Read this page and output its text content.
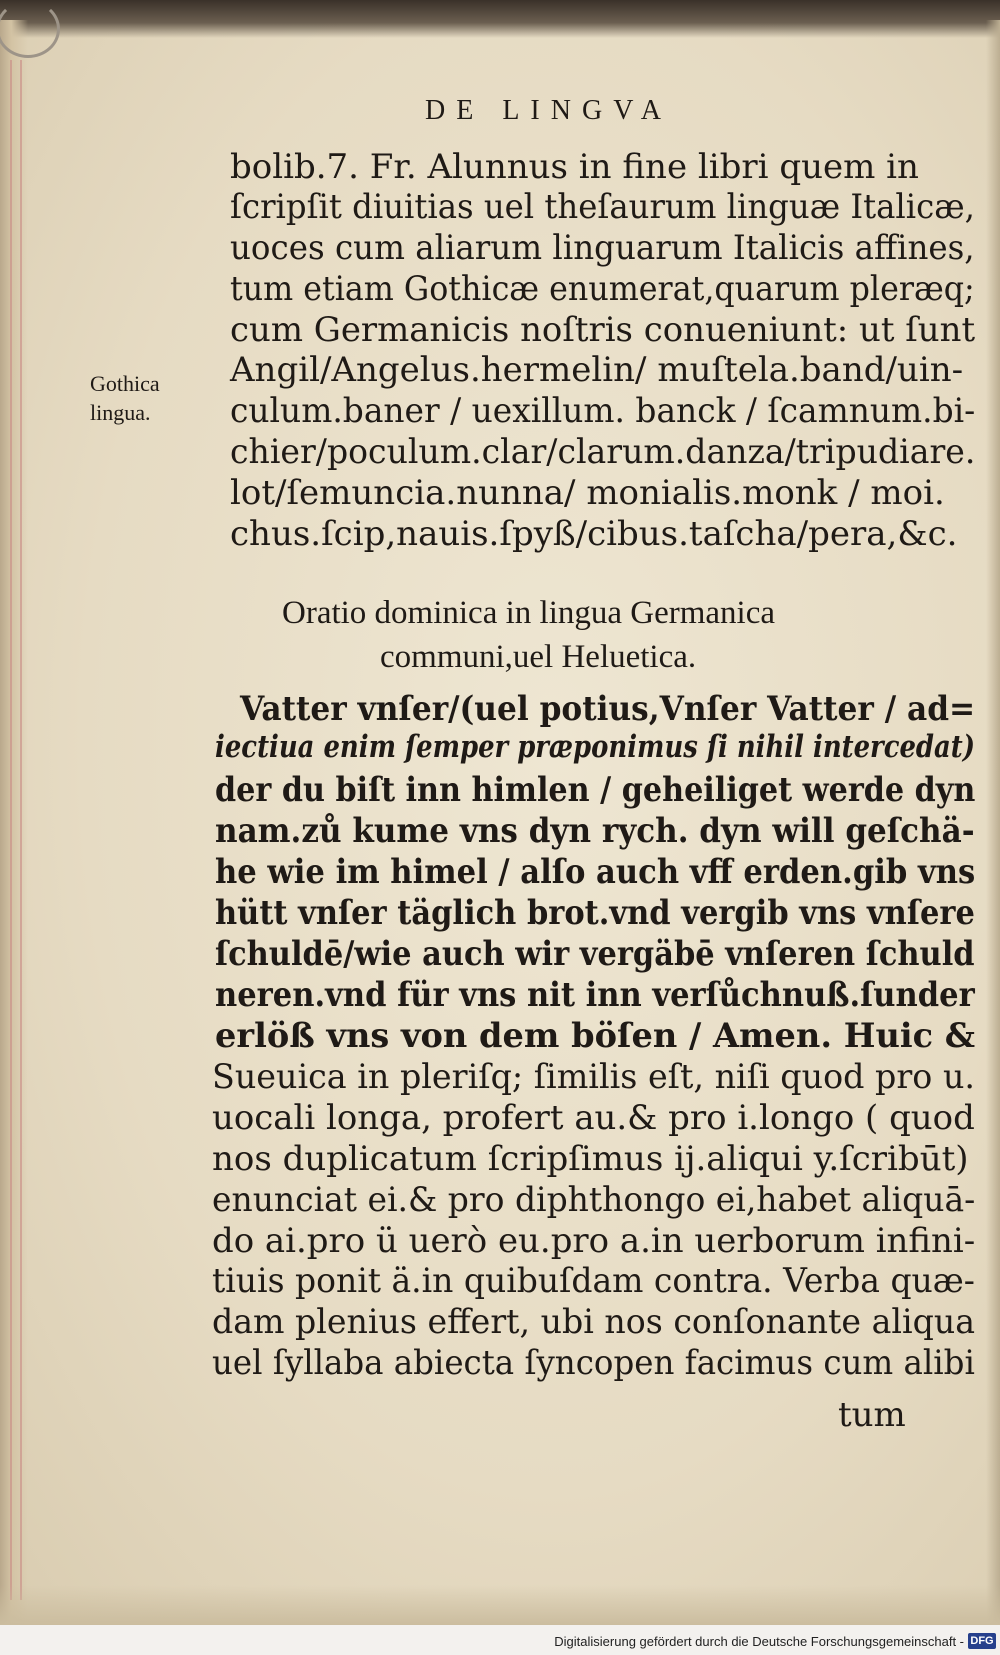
DE LINGVA
Gothica
lingua.
bolib.7. Fr. Alunnus in fine libri quem in
ſcripſit diuitias uel theſaurum linguæ Italicæ,
uoces cum aliarum linguarum Italicis affines,
tum etiam Gothicæ enumerat,quarum pleræq;
cum Germanicis noſtris conueniunt: ut ſunt
Angil/Angelus.hermelin/ muſtela.band/uin-
culum.baner / uexillum. banck / ſcamnum.bi-
chier/poculum.clar/clarum.danza/tripudiare.
lot/ſemuncia.nunna/ monialis.monk / moi.
chus.ſcip,nauis.ſpyß/cibus.taſcha/pera,&c.
Oratio dominica in lingua Germanica
communi,uel Heluetica.
Vatter vnſer/(uel potius,Vnſer Vatter / ad=
iectiua enim ſemper præponimus ſi nihil intercedat)
der du biſt inn himlen / geheiliget werde dyn
nam.zů kume vns dyn rych. dyn will geſchä-
he wie im himel / alſo auch vff erden.gib vns
hütt vnſer täglich brot.vnd vergib vns vnſere
ſchuldē/wie auch wir vergäbē vnſeren ſchuld
neren.vnd für vns nit inn verſůchnuß.ſunder
erlöß vns von dem böſen / Amen. Huic &
Sueuica in pleriſq; ſimilis eſt, niſi quod pro u.
uocali longa, profert au.& pro i.longo ( quod
nos duplicatum ſcripſimus ij.aliqui y.ſcribūt)
enunciat ei.& pro diphthongo ei,habet aliquā-
do ai.pro ü uerò eu.pro a.in uerborum infini-
tiuis ponit ä.in quibuſdam contra. Verba quæ-
dam plenius effert, ubi nos conſonante aliqua
uel ſyllaba abiecta ſyncopen facimus cum alibi
tum
Digitalisierung gefördert durch die Deutsche Forschungsgemeinschaft - DFG
